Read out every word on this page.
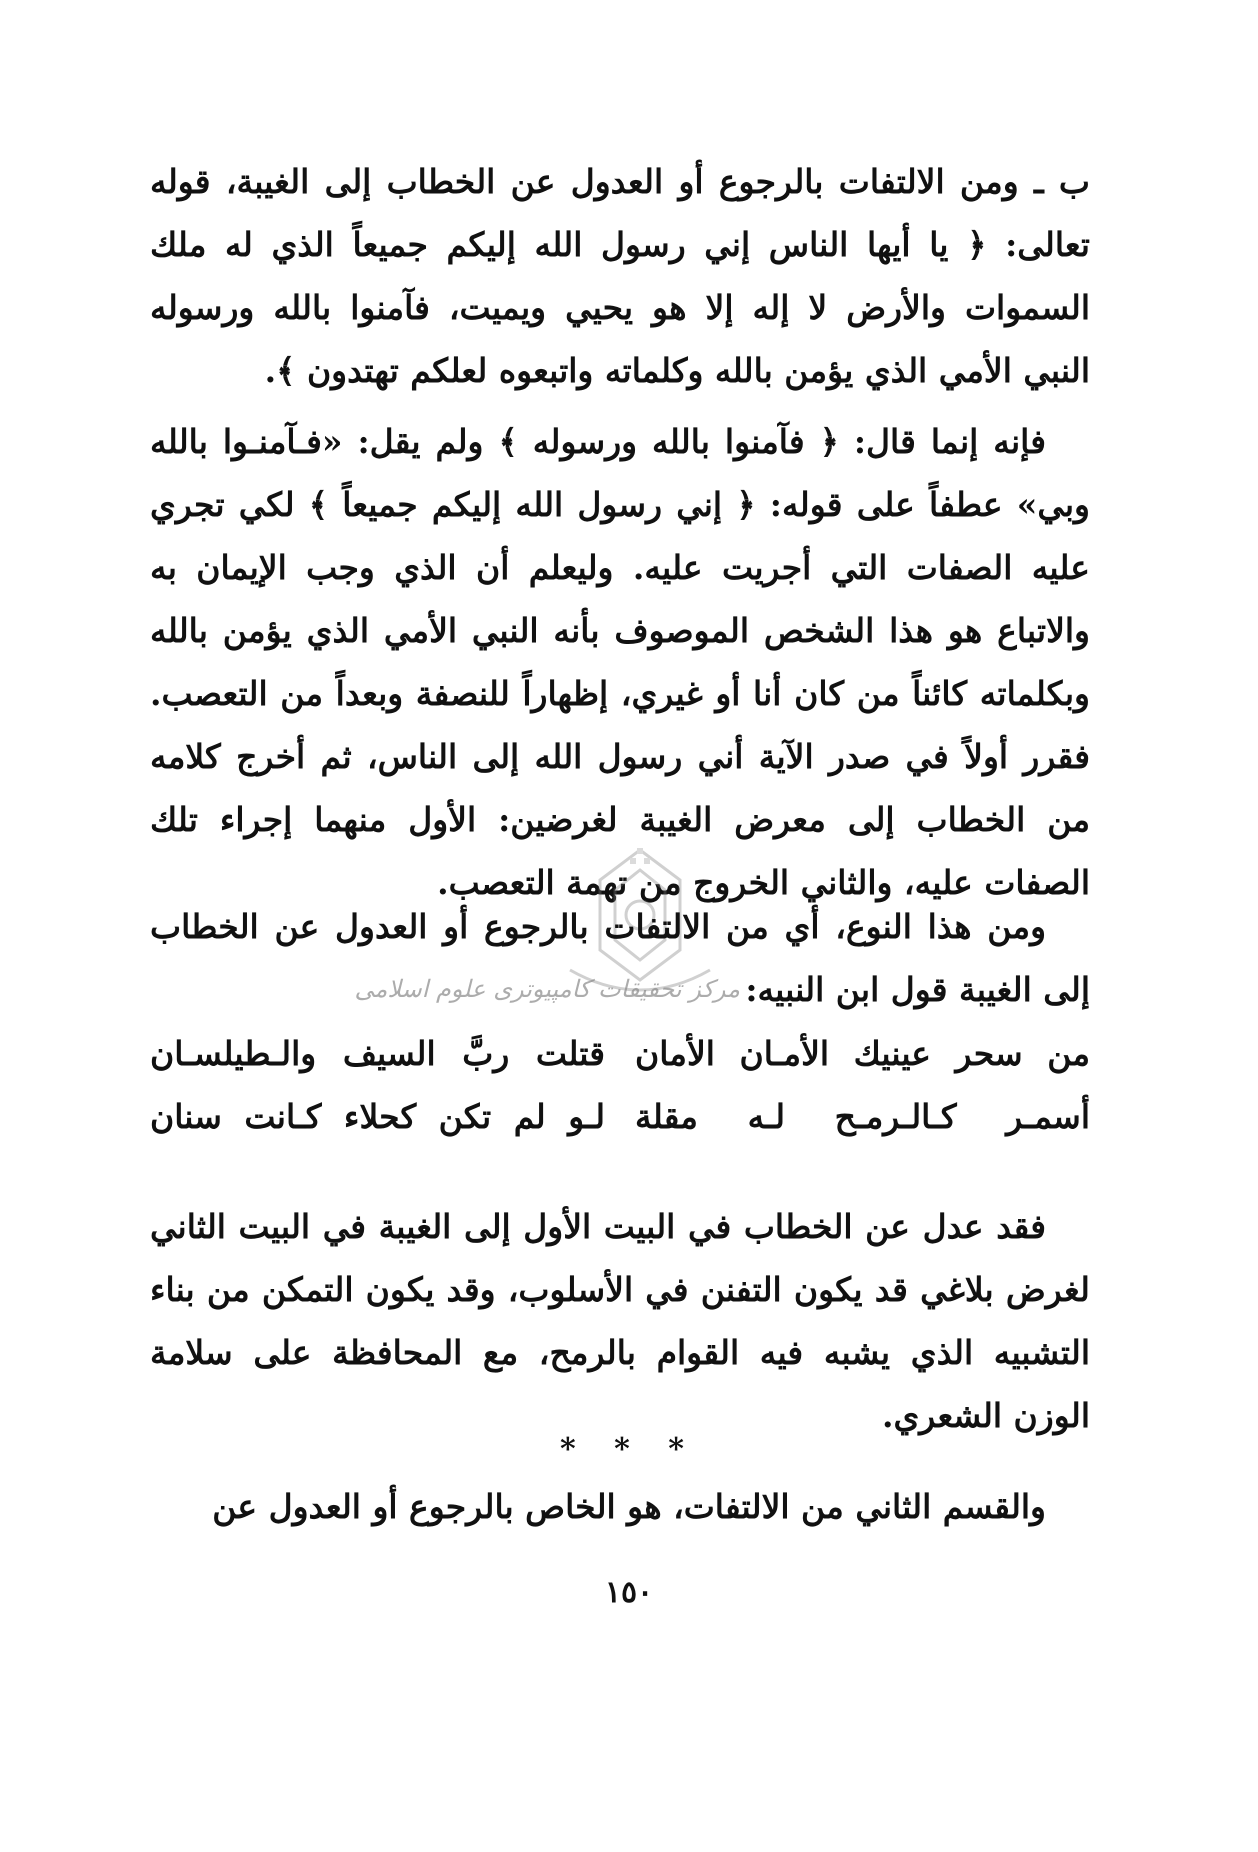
ب ـ ومن الالتفات بالرجوع أو العدول عن الخطاب إلى الغيبة، قوله تعالى: ﴿ يا أيها الناس إني رسول الله إليكم جميعاً الذي له ملك السموات والأرض لا إله إلا هو يحيي ويميت، فآمنوا بالله ورسوله النبي الأمي الذي يؤمن بالله وكلماته واتبعوه لعلكم تهتدون ﴾.

فإنه إنما قال: ﴿ فآمنوا بالله ورسوله ﴾ ولم يقل: «فـآمنـوا بالله وبي» عطفاً على قوله: ﴿ إني رسول الله إليكم جميعاً ﴾ لكي تجري عليه الصفات التي أجريت عليه. وليعلم أن الذي وجب الإيمان به والاتباع هو هذا الشخص الموصوف بأنه النبي الأمي الذي يؤمن بالله وبكلماته كائناً من كان أنا أو غيري، إظهاراً للنصفة وبعداً من التعصب. فقرر أولاً في صدر الآية أني رسول الله إلى الناس، ثم أخرج كلامه من الخطاب إلى معرض الغيبة لغرضين: الأول منهما إجراء تلك الصفات عليه، والثاني الخروج من تهمة التعصب.

مركز تحقيقات كامپيوترى علوم اسلامى

ومن هذا النوع، أي من الالتفات بالرجوع أو العدول عن الخطاب إلى الغيبة قول ابن النبيه:

من سحر عينيك الأمـان الأمان
قتلت ربَّ السيف والـطيلسـان
أسمـر كـالـرمـح لـه مقلة
لـو لم تكن كحلاء كـانت سنان

فقد عدل عن الخطاب في البيت الأول إلى الغيبة في البيت الثاني لغرض بلاغي قد يكون التفنن في الأسلوب، وقد يكون التمكن من بناء التشبيه الذي يشبه فيه القوام بالرمح، مع المحافظة على سلامة الوزن الشعري.

* * *

والقسم الثاني من الالتفات، هو الخاص بالرجوع أو العدول عن

١٥٠
